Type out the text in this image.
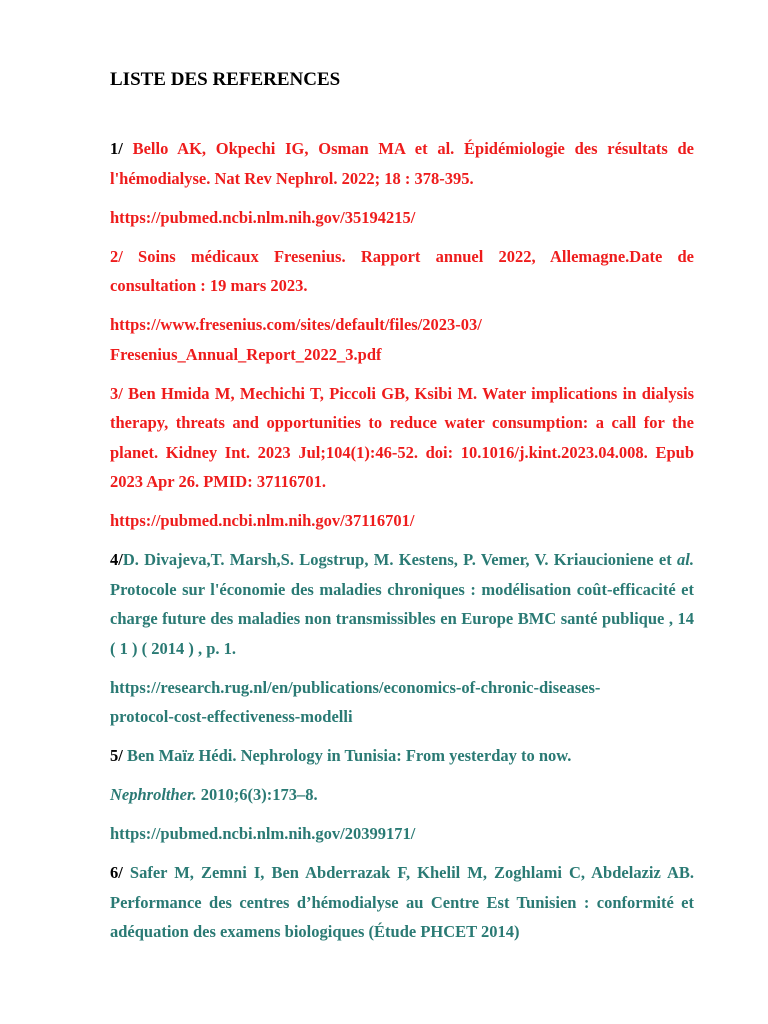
LISTE DES REFERENCES

1/ Bello AK, Okpechi IG, Osman MA et al. Épidémiologie des résultats de l'hémodialyse. Nat Rev Nephrol. 2022; 18 : 378-395.

https://pubmed.ncbi.nlm.nih.gov/35194215/

2/ Soins médicaux Fresenius. Rapport annuel 2022, Allemagne.Date de consultation : 19 mars 2023.

https://www.fresenius.com/sites/default/files/2023-03/
Fresenius_Annual_Report_2022_3.pdf

3/ Ben Hmida M, Mechichi T, Piccoli GB, Ksibi M. Water implications in dialysis therapy, threats and opportunities to reduce water consumption: a call for the planet. Kidney Int. 2023 Jul;104(1):46-52. doi: 10.1016/j.kint.2023.04.008. Epub 2023 Apr 26. PMID: 37116701.

https://pubmed.ncbi.nlm.nih.gov/37116701/

4/D. Divajeva,T. Marsh,S. Logstrup, M. Kestens, P. Vemer, V. Kriaucioniene et al. Protocole sur l'économie des maladies chroniques : modélisation coût-efficacité et charge future des maladies non transmissibles en Europe BMC santé publique , 14 ( 1 ) ( 2014 ) , p. 1.

https://research.rug.nl/en/publications/economics-of-chronic-diseases-
protocol-cost-effectiveness-modelli

5/ Ben Maïz Hédi. Nephrology in Tunisia: From yesterday to now.

Nephrolther. 2010;6(3):173–8.

https://pubmed.ncbi.nlm.nih.gov/20399171/

6/ Safer M, Zemni I, Ben Abderrazak F, Khelil M, Zoghlami C, Abdelaziz AB. Performance des centres d’hémodialyse au Centre Est Tunisien : conformité et adéquation des examens biologiques (Étude PHCET 2014)
